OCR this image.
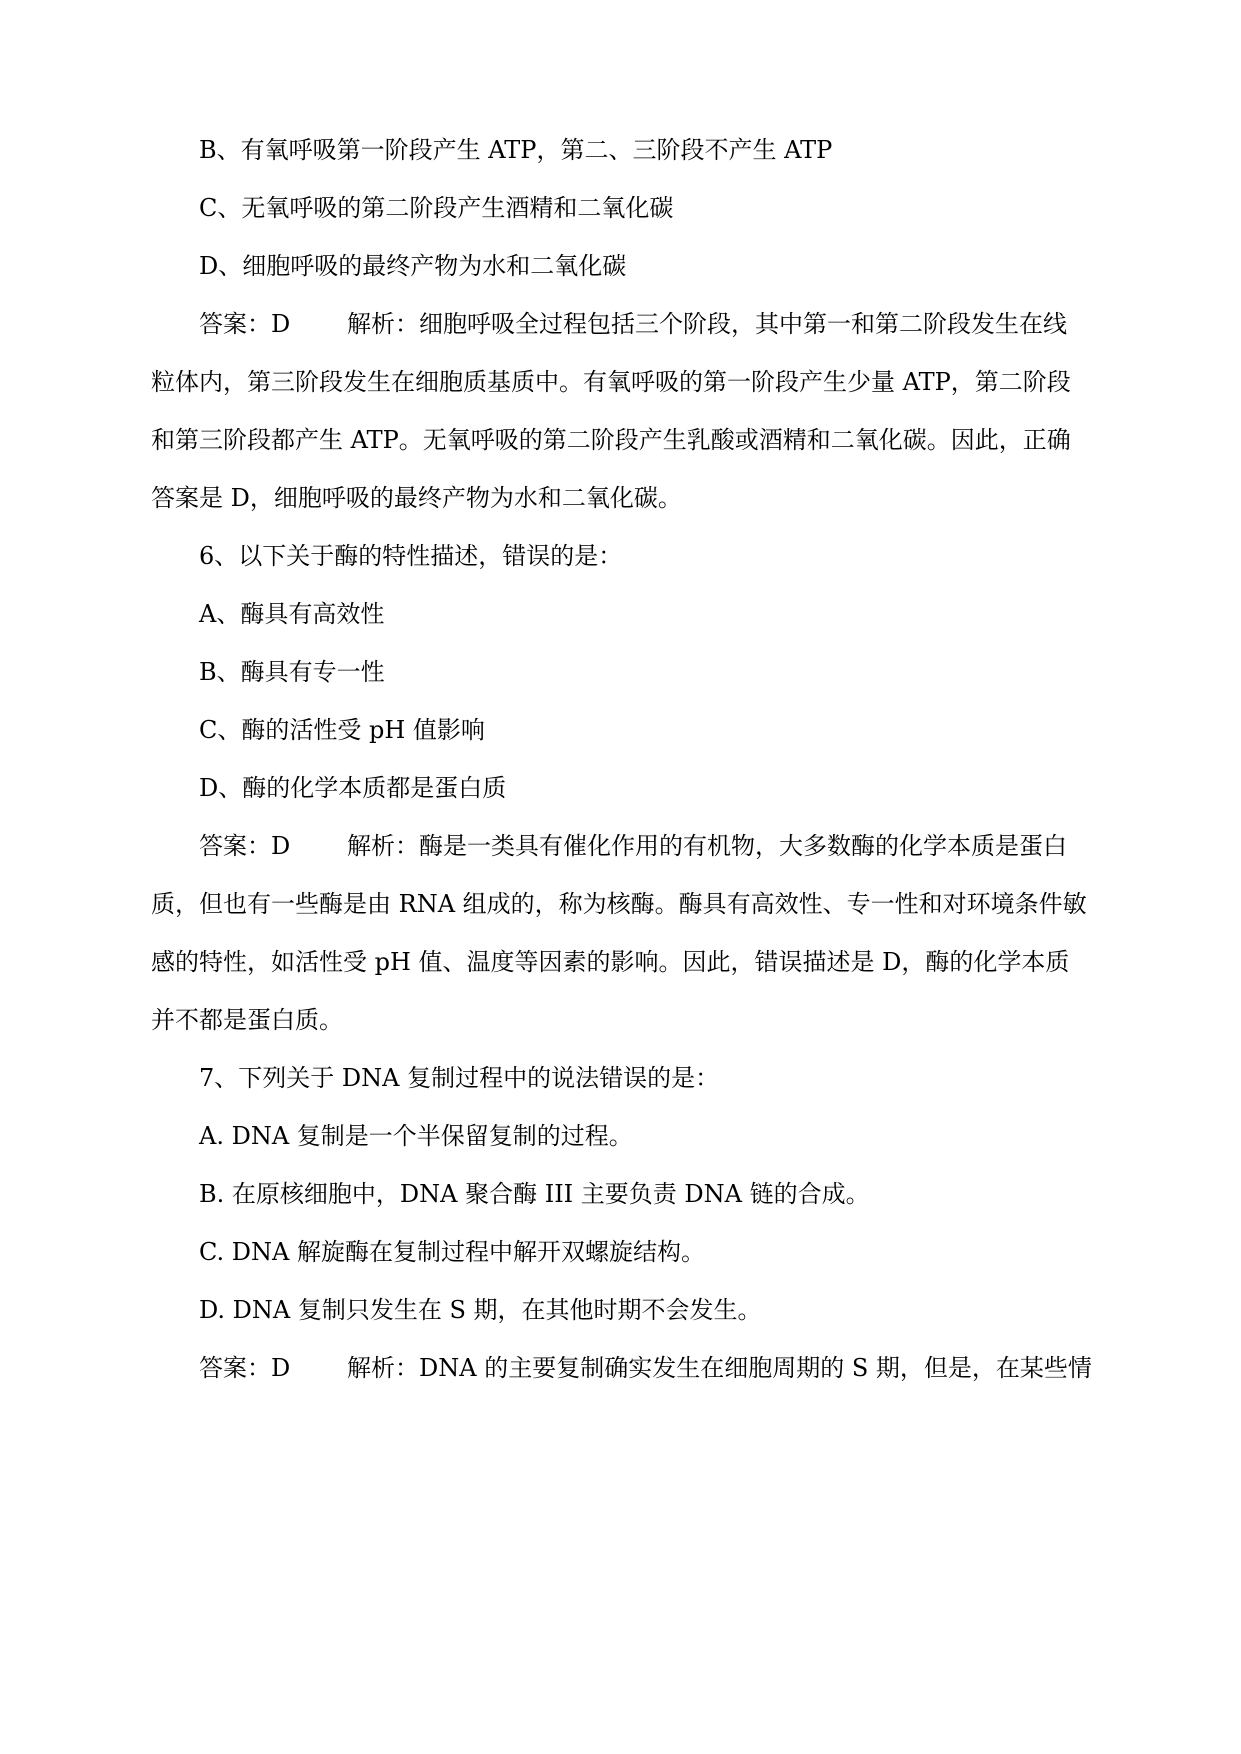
B、有氧呼吸第一阶段产生 ATP，第二、三阶段不产生 ATP
C、无氧呼吸的第二阶段产生酒精和二氧化碳
D、细胞呼吸的最终产物为水和二氧化碳
答案：D 解析：细胞呼吸全过程包括三个阶段，其中第一和第二阶段发生在线
粒体内，第三阶段发生在细胞质基质中。有氧呼吸的第一阶段产生少量 ATP，第二阶段
和第三阶段都产生 ATP。无氧呼吸的第二阶段产生乳酸或酒精和二氧化碳。因此，正确
答案是 D，细胞呼吸的最终产物为水和二氧化碳。
6、以下关于酶的特性描述，错误的是：
A、酶具有高效性
B、酶具有专一性
C、酶的活性受 pH 值影响
D、酶的化学本质都是蛋白质
答案：D 解析：酶是一类具有催化作用的有机物，大多数酶的化学本质是蛋白
质，但也有一些酶是由 RNA 组成的，称为核酶。酶具有高效性、专一性和对环境条件敏
感的特性，如活性受 pH 值、温度等因素的影响。因此，错误描述是 D，酶的化学本质
并不都是蛋白质。
7、下列关于 DNA 复制过程中的说法错误的是：
A. DNA 复制是一个半保留复制的过程。
B. 在原核细胞中，DNA 聚合酶 III 主要负责 DNA 链的合成。
C. DNA 解旋酶在复制过程中解开双螺旋结构。
D. DNA 复制只发生在 S 期，在其他时期不会发生。
答案：D 解析：DNA 的主要复制确实发生在细胞周期的 S 期，但是，在某些情
